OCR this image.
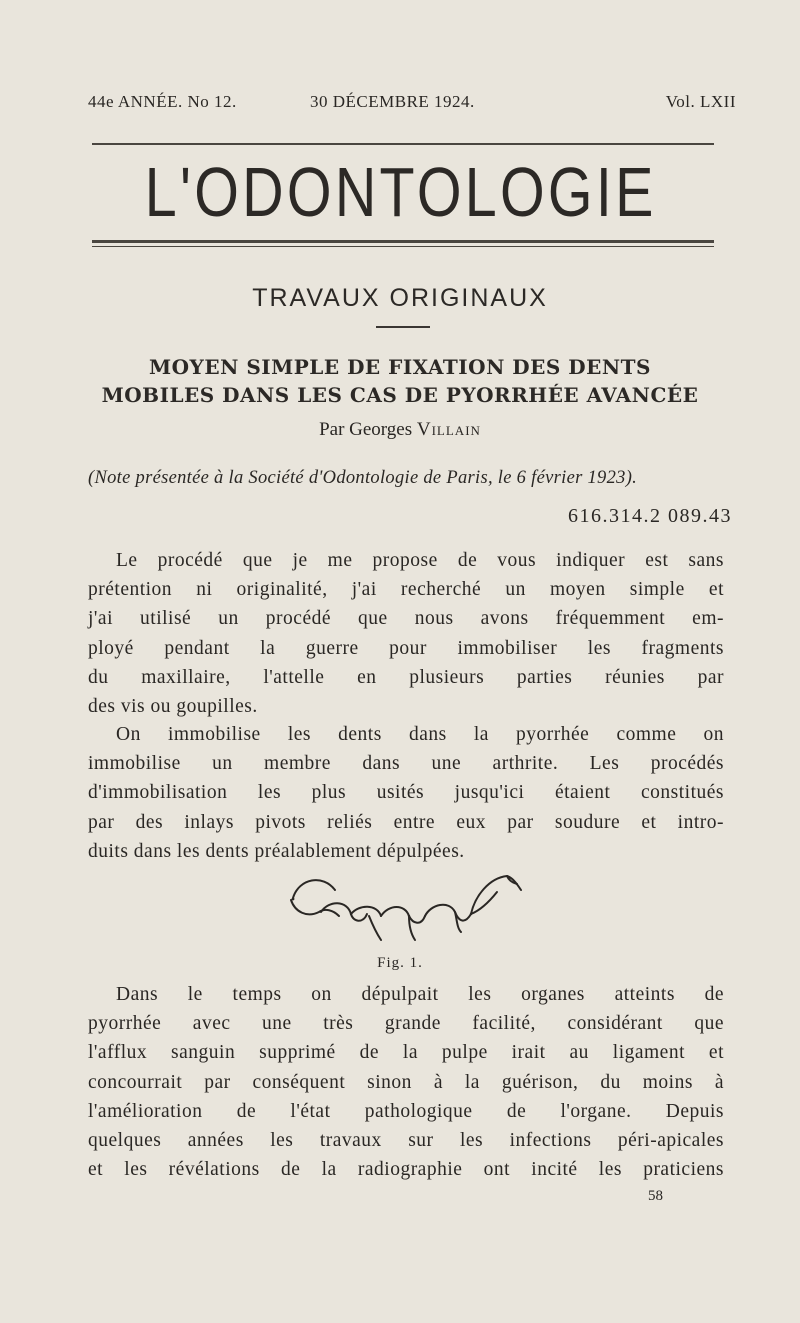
44e ANNÉE. No 12.	30 DÉCEMBRE 1924.	Vol. LXII
L'ODONTOLOGIE
TRAVAUX ORIGINAUX
MOYEN SIMPLE DE FIXATION DES DENTS
MOBILES DANS LES CAS DE PYORRHÉE AVANCÉE
Par Georges Villain
(Note présentée à la Société d'Odontologie de Paris, le 6 février 1923).
616.314.2 089.43
Le procédé que je me propose de vous indiquer est sans
prétention ni originalité, j'ai recherché un moyen simple et
j'ai utilisé un procédé que nous avons fréquemment em-
ployé pendant la guerre pour immobiliser les fragments
du maxillaire, l'attelle en plusieurs parties réunies par
des vis ou goupilles.
On immobilise les dents dans la pyorrhée comme on
immobilise un membre dans une arthrite. Les procédés
d'immobilisation les plus usités jusqu'ici étaient constitués
par des inlays pivots reliés entre eux par soudure et intro-
duits dans les dents préalablement dépulpées.
Fig. 1.
Dans le temps on dépulpait les organes atteints de
pyorrhée avec une très grande facilité, considérant que
l'afflux sanguin supprimé de la pulpe irait au ligament et
concourrait par conséquent sinon à la guérison, du moins à
l'amélioration de l'état pathologique de l'organe. Depuis
quelques années les travaux sur les infections péri-apicales
et les révélations de la radiographie ont incité les praticiens
58
